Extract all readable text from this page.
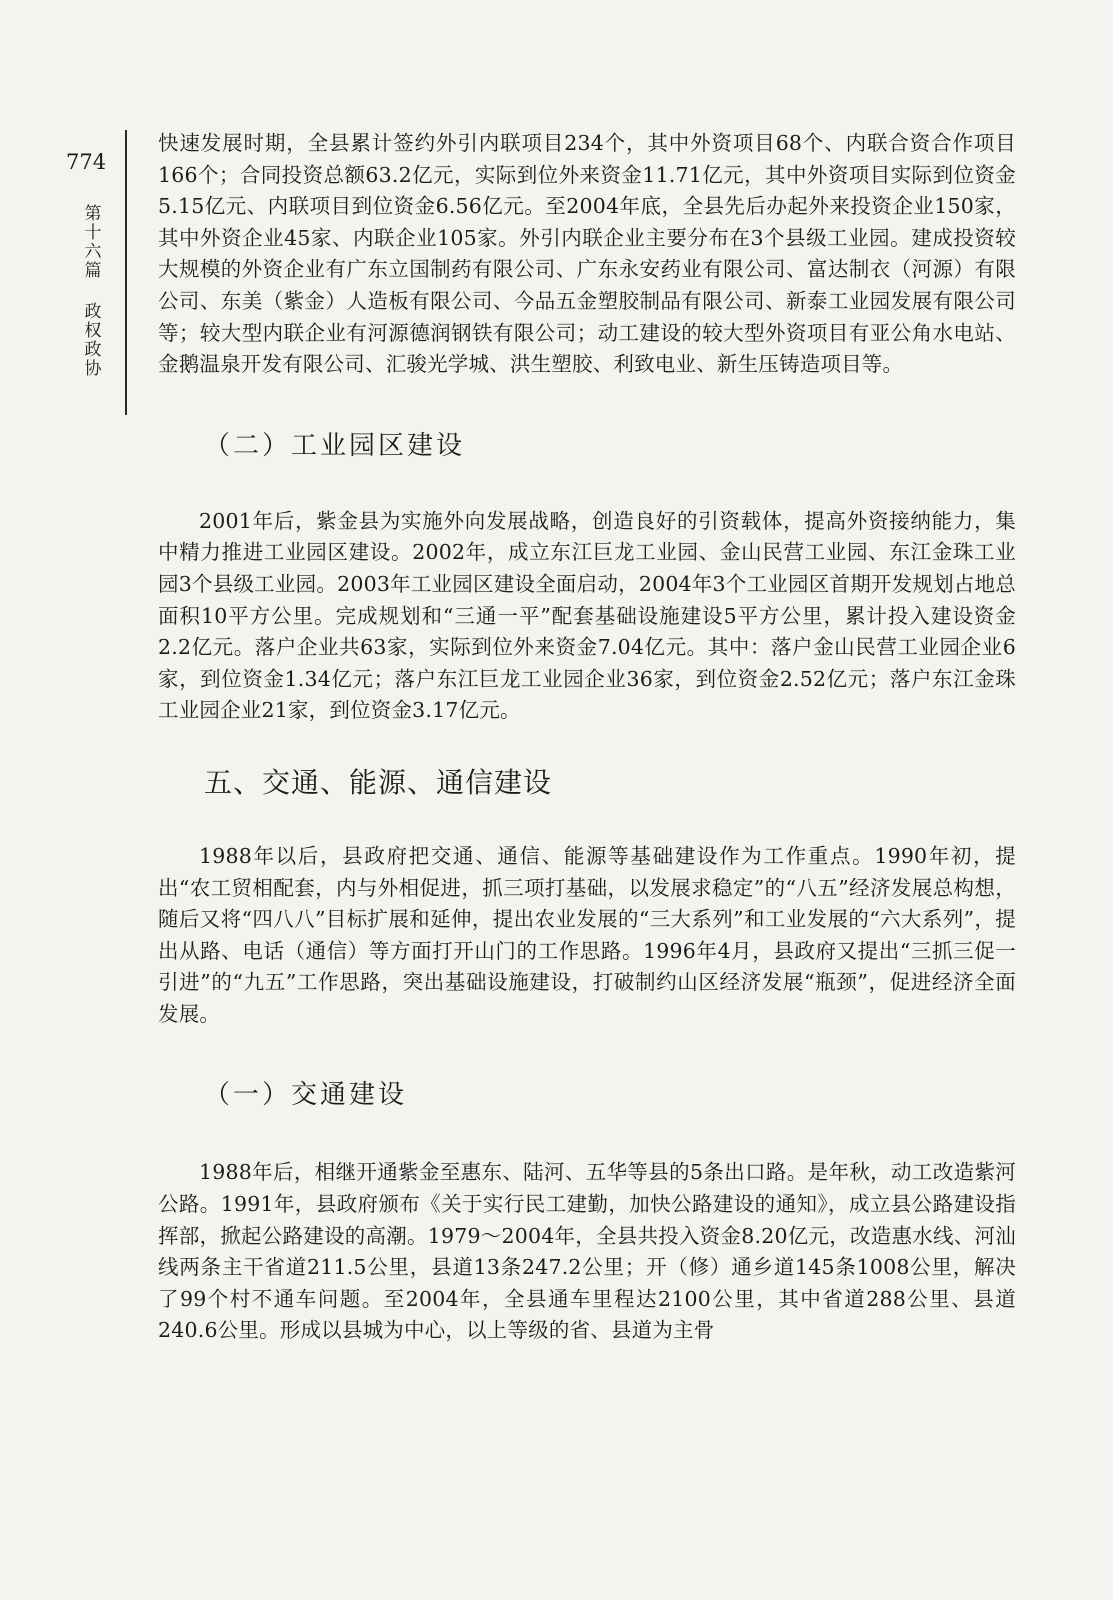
774
第十六篇
政权 政协

快速发展时期，全县累计签约外引内联项目234个，其中外资项目68个、内联合资合作项目166个；合同投资总额63.2亿元，实际到位外来资金11.71亿元，其中外资项目实际到位资金5.15亿元、内联项目到位资金6.56亿元。至2004年底，全县先后办起外来投资企业150家，其中外资企业45家、内联企业105家。外引内联企业主要分布在3个县级工业园。建成投资较大规模的外资企业有广东立国制药有限公司、广东永安药业有限公司、富达制衣（河源）有限公司、东美（紫金）人造板有限公司、今品五金塑胶制品有限公司、新泰工业园发展有限公司等；较大型内联企业有河源德润钢铁有限公司；动工建设的较大型外资项目有亚公角水电站、金鹅温泉开发有限公司、汇骏光学城、洪生塑胶、利致电业、新生压铸造项目等。

（二）工业园区建设

2001年后，紫金县为实施外向发展战略，创造良好的引资载体，提高外资接纳能力，集中精力推进工业园区建设。2002年，成立东江巨龙工业园、金山民营工业园、东江金珠工业园3个县级工业园。2003年工业园区建设全面启动，2004年3个工业园区首期开发规划占地总面积10平方公里。完成规划和“三通一平”配套基础设施建设5平方公里，累计投入建设资金2.2亿元。落户企业共63家，实际到位外来资金7.04亿元。其中：落户金山民营工业园企业6家，到位资金1.34亿元；落户东江巨龙工业园企业36家，到位资金2.52亿元；落户东江金珠工业园企业21家，到位资金3.17亿元。

五、交通、能源、通信建设

1988年以后，县政府把交通、通信、能源等基础建设作为工作重点。1990年初，提出“农工贸相配套，内与外相促进，抓三项打基础，以发展求稳定”的“八五”经济发展总构想，随后又将“四八八”目标扩展和延伸，提出农业发展的“三大系列”和工业发展的“六大系列”，提出从路、电话（通信）等方面打开山门的工作思路。1996年4月，县政府又提出“三抓三促一引进”的“九五”工作思路，突出基础设施建设，打破制约山区经济发展“瓶颈”，促进经济全面发展。

（一）交通建设

1988年后，相继开通紫金至惠东、陆河、五华等县的5条出口路。是年秋，动工改造紫河公路。1991年，县政府颁布《关于实行民工建勤，加快公路建设的通知》，成立县公路建设指挥部，掀起公路建设的高潮。1979～2004年，全县共投入资金8.20亿元，改造惠水线、河汕线两条主干省道211.5公里，县道13条247.2公里；开（修）通乡道145条1008公里，解决了99个村不通车问题。至2004年，全县通车里程达2100公里，其中省道288公里、县道240.6公里。形成以县城为中心，以上等级的省、县道为主骨
